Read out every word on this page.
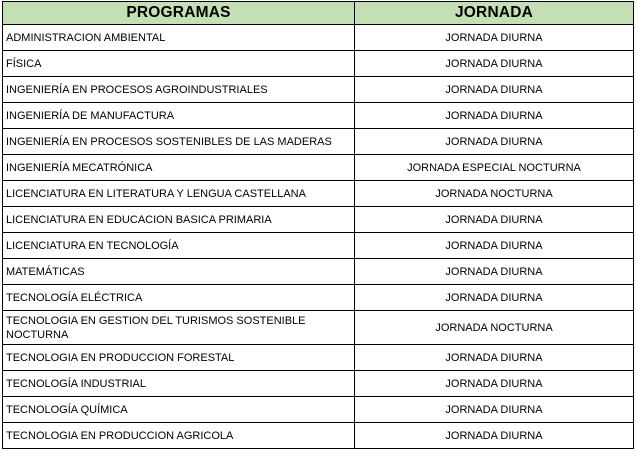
PROGRAMAS	JORNADA
ADMINISTRACION AMBIENTAL	JORNADA DIURNA
FÍSICA	JORNADA DIURNA
INGENIERÍA EN PROCESOS AGROINDUSTRIALES	JORNADA DIURNA
INGENIERÍA DE MANUFACTURA	JORNADA DIURNA
INGENIERÍA EN PROCESOS SOSTENIBLES DE LAS MADERAS	JORNADA DIURNA
INGENIERÍA MECATRÓNICA	JORNADA ESPECIAL NOCTURNA
LICENCIATURA EN LITERATURA Y LENGUA CASTELLANA	JORNADA NOCTURNA
LICENCIATURA EN EDUCACION BASICA PRIMARIA	JORNADA DIURNA
LICENCIATURA EN TECNOLOGÍA	JORNADA DIURNA
MATEMÁTICAS	JORNADA DIURNA
TECNOLOGÍA ELÉCTRICA	JORNADA DIURNA
TECNOLOGIA EN GESTION DEL TURISMOS SOSTENIBLE NOCTURNA	JORNADA NOCTURNA
TECNOLOGIA EN PRODUCCION FORESTAL	JORNADA DIURNA
TECNOLOGÍA INDUSTRIAL	JORNADA DIURNA
TECNOLOGÍA QUÍMICA	JORNADA DIURNA
TECNOLOGIA EN PRODUCCION AGRICOLA	JORNADA DIURNA
